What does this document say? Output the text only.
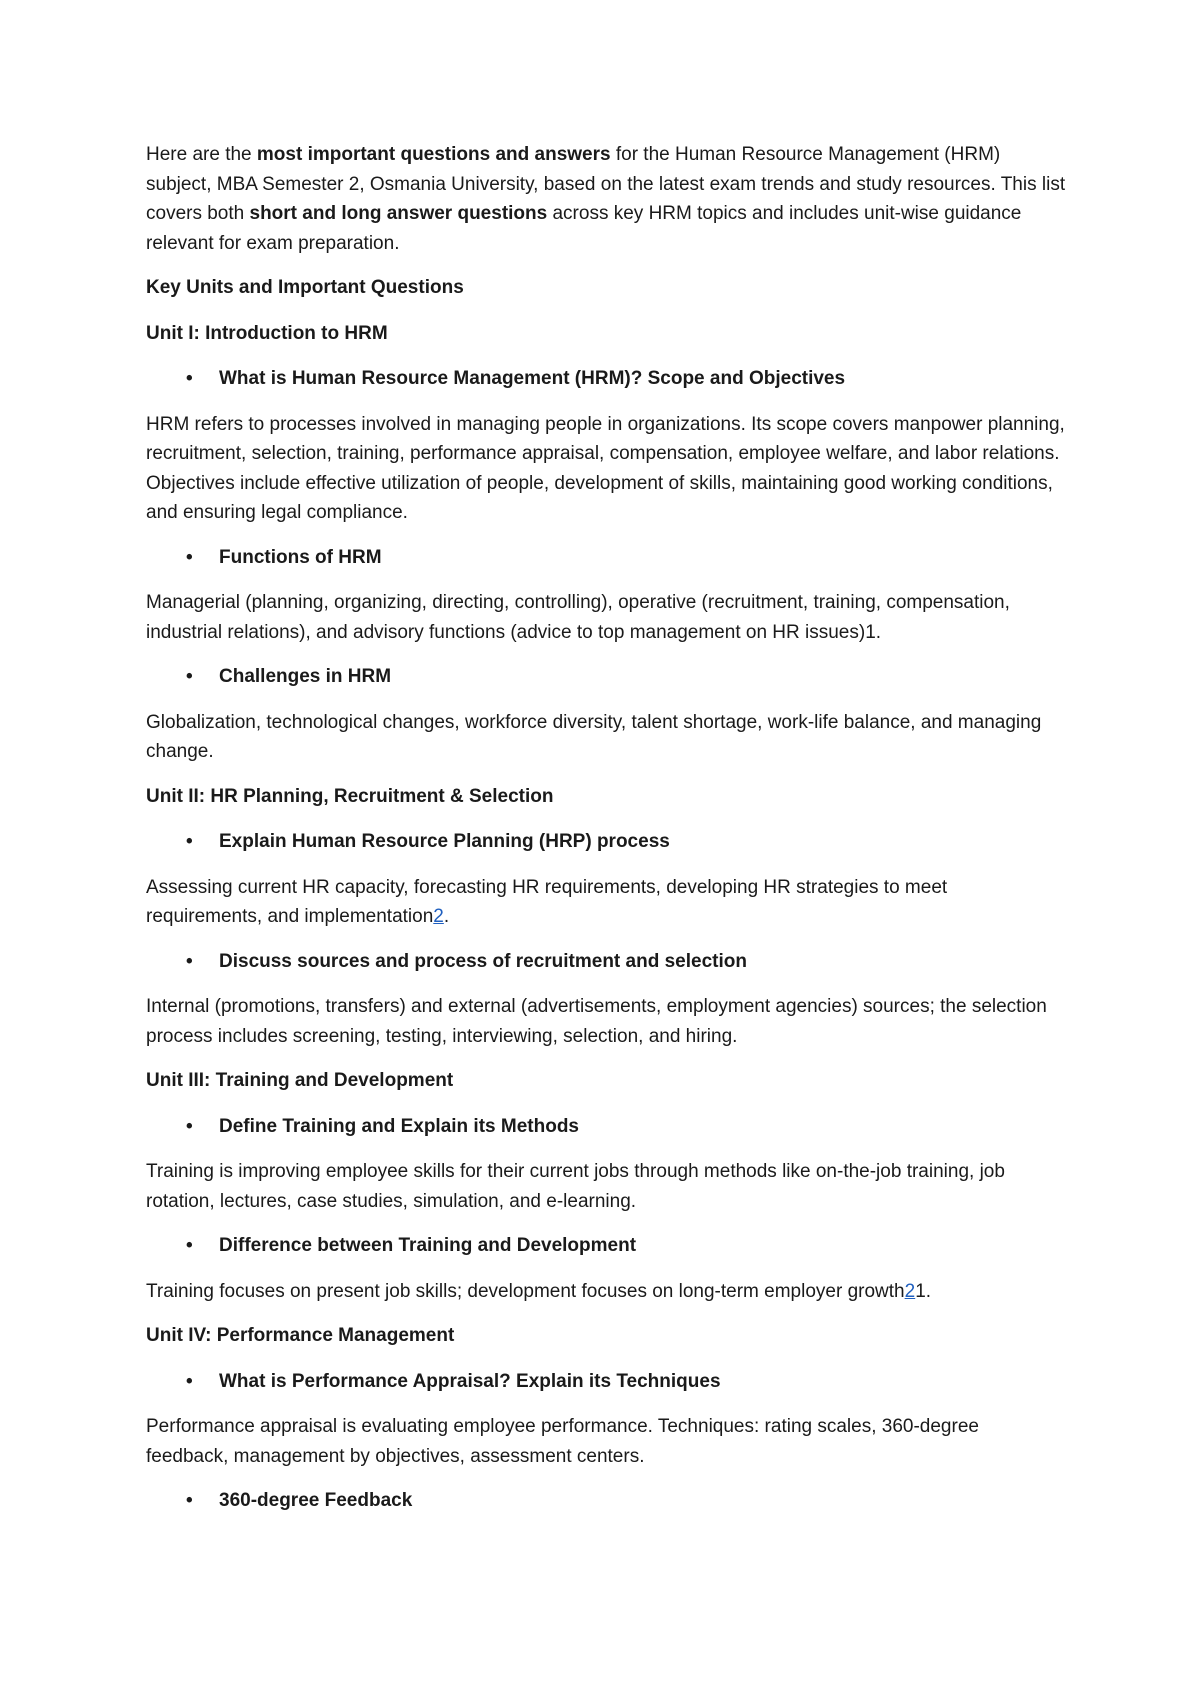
Here are the most important questions and answers for the Human Resource Management (HRM) subject, MBA Semester 2, Osmania University, based on the latest exam trends and study resources. This list covers both short and long answer questions across key HRM topics and includes unit-wise guidance relevant for exam preparation.

Key Units and Important Questions
Unit I: Introduction to HRM
• What is Human Resource Management (HRM)? Scope and Objectives

HRM refers to processes involved in managing people in organizations. Its scope covers manpower planning, recruitment, selection, training, performance appraisal, compensation, employee welfare, and labor relations. Objectives include effective utilization of people, development of skills, maintaining good working conditions, and ensuring legal compliance.

• Functions of HRM

Managerial (planning, organizing, directing, controlling), operative (recruitment, training, compensation, industrial relations), and advisory functions (advice to top management on HR issues)1.

• Challenges in HRM

Globalization, technological changes, workforce diversity, talent shortage, work-life balance, and managing change.

Unit II: HR Planning, Recruitment & Selection
• Explain Human Resource Planning (HRP) process

Assessing current HR capacity, forecasting HR requirements, developing HR strategies to meet requirements, and implementation2.

• Discuss sources and process of recruitment and selection

Internal (promotions, transfers) and external (advertisements, employment agencies) sources; the selection process includes screening, testing, interviewing, selection, and hiring.

Unit III: Training and Development
• Define Training and Explain its Methods

Training is improving employee skills for their current jobs through methods like on-the-job training, job rotation, lectures, case studies, simulation, and e-learning.

• Difference between Training and Development

Training focuses on present job skills; development focuses on long-term employer growth21.

Unit IV: Performance Management
• What is Performance Appraisal? Explain its Techniques

Performance appraisal is evaluating employee performance. Techniques: rating scales, 360-degree feedback, management by objectives, assessment centers.

• 360-degree Feedback
